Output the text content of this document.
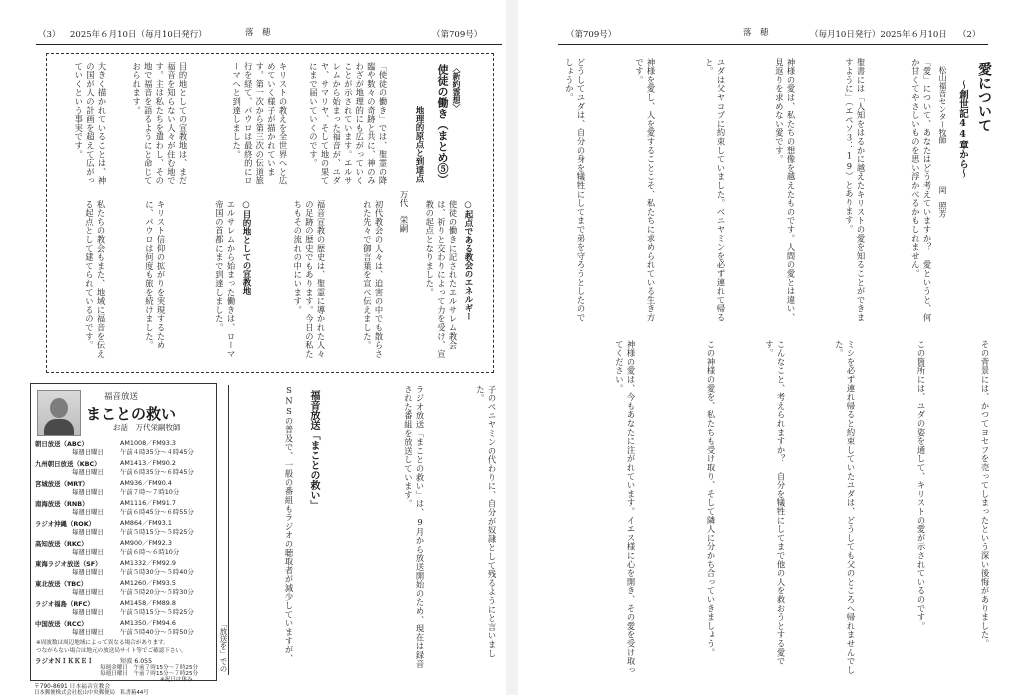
（3） 2025年６月10日（毎月10日発行）	落　穂	（第709号）
〈新約霊想〉
使徒の働き（まとめ⑤）
地理的原点と到達点
万代　栄嗣
「使徒の働き」では、聖霊の降臨や数々の奇跡と共に、神のみわざが地理的にも広がっていくことが示されています。エルサレムから始まった福音が、ユダヤ、サマリヤ、そして地の果てにまで届いていくのです。
キリストの教えを全世界へと広めていく様子が描かれています。第一次から第三次の伝道旅行を経て、パウロは最終的にローマへと到達しました。
目的地としての宣教地は、まだ福音を知らない人々が住む地です。主は私たちを遣わし、その地で福音を語るようにと命じておられます。
大きく描かれていることは、神の国が人の計画を超えて広がっていくという事実です。
○起点である教会のエネルギー
使徒の働きに記されたエルサレム教会は、祈りと交わりによって力を受け、宣教の起点となりました。
初代教会の人々は、迫害の中でも散らされた先々で御言葉を宣べ伝えました。
福音宣教の歴史は、聖霊に導かれた人々の足跡の歴史でもあります。今日の私たちもその流れの中にいます。
○目的地としての宣教地
エルサレムから始まった働きは、ローマ帝国の首都にまで到達しました。
キリスト信仰の拡がりを実現するために、パウロは何度も旅を続けました。
私たちの教会もまた、地域に福音を伝える起点として建てられているのです。
福音放送
まことの救い
お話　万代栄嗣牧師
朝日放送（ABC）	AM1008／FM93.3
毎週日曜日	午前４時35分～４時45分
九州朝日放送（KBC）	AM1413／FM90.2
毎週日曜日	午前６時35分～６時45分
宮城放送（MRT）	AM936／FM90.4
毎週日曜日	午前７時～７時10分
南海放送（RNB）	AM1116／FM91.7
毎週日曜日	午前６時45分～６時55分
ラジオ沖縄（ROK）	AM864／FM93.1
毎週日曜日	午前５時15分～５時25分
高知放送（RKC）	AM900／FM92.3
毎週日曜日	午前６時～６時10分
東海ラジオ放送（SF）	AM1332／FM92.9
毎週日曜日	午前５時30分～５時40分
東北放送（TBC）	AM1260／FM93.5
毎週日曜日	午前５時20分～５時30分
ラジオ福島（RFC）	AM1458／FM89.8
毎週日曜日	午前５時15分～５時25分
中国放送（RCC）	AM1350／FM94.6
毎週日曜日	午前５時40分～５時50分
※周波数は周辺地域によって異なる場合があります。
つながらない場合は地元の放送局サイト等でご確認下さい。
ラジオＮＩＫＫＥＩ	短波 6.055
毎週金曜日　午前７時15分～７時25分
毎週日曜日　午前７時15分～７時25分
※祝日は休み
〒790-8691 日本福音宣教会
日本郵便株式会社松山中央郵便局　私書箱44号
子のペニヤミンの代わりに、自分が奴隷として残るようにと言いました。
ラジオ放送「まことの救い」は、9月から放送開始のため、現在は録音された番組を放送しています。
福音放送「まことの救い」
SNSの普及で、一般の番組もラジオの聴取者が減少していますが、
「放送を」での
（第709号）	落　穂	（毎月10日発行）2025年６月10日 （2）
愛について
～創世記44章から～
松山福音センター牧師
岡　照芳
「愛」について、あなたはどう考えていますか？　愛というと、何か甘くてやさしいものを思い浮かべるかもしれません。
聖書には「人知をはるかに越えたキリストの愛を知ることができますように」（エペソ３：19）とあります。
神様の愛は、私たちの想像を越えたものです。人間の愛とは違い、見返りを求めない愛です。
ユダは父ヤコブに約束していました。ベニヤミンを必ず連れて帰ると。
神様を愛し、人を愛することこそ、私たちに求められている生き方です。
どうしてユダは、自分の身を犠牲にしてまで弟を守ろうとしたのでしょうか。
その背景には、かつてヨセフを売ってしまったという深い後悔がありました。
この箇所には、ユダの姿を通して、キリストの愛が示されているのです。
ミシを必ず連れ帰ると約束していたユダは、どうしても父のところへ帰れませんでした。
こんなこと、考えられますか？　自分を犠牲にしてまで他の人を救おうとする愛です。
この神様の愛を、私たちも受け取り、そして隣人に分かち合っていきましょう。
神様の愛は、今もあなたに注がれています。イエス様に心を開き、その愛を受け取ってください。
